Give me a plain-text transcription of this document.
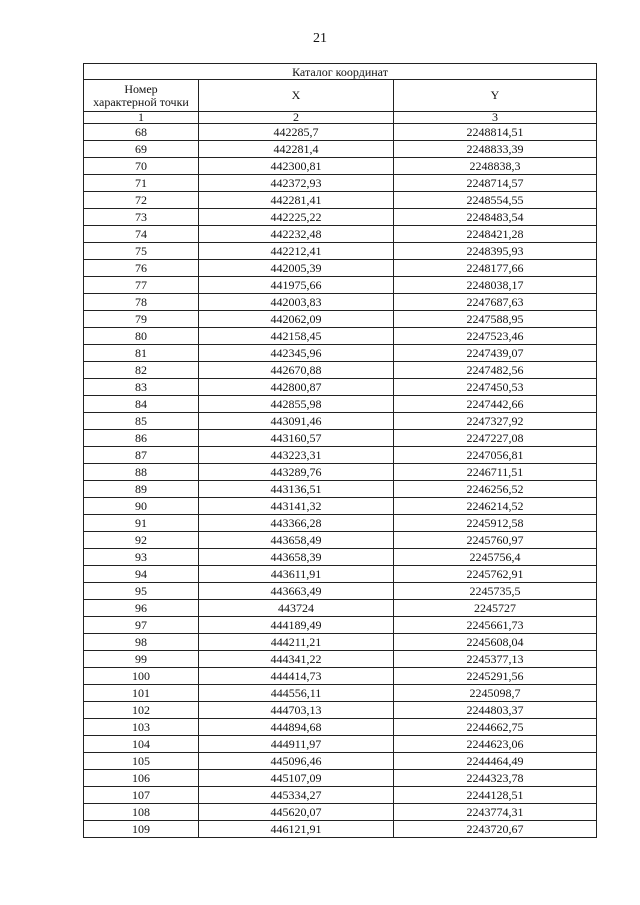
21
Каталог координат		

Номер
характерной точки	X	Y
1	2	3
68	442285,7	2248814,51
69	442281,4	2248833,39
70	442300,81	2248838,3
71	442372,93	2248714,57
72	442281,41	2248554,55
73	442225,22	2248483,54
74	442232,48	2248421,28
75	442212,41	2248395,93
76	442005,39	2248177,66
77	441975,66	2248038,17
78	442003,83	2247687,63
79	442062,09	2247588,95
80	442158,45	2247523,46
81	442345,96	2247439,07
82	442670,88	2247482,56
83	442800,87	2247450,53
84	442855,98	2247442,66
85	443091,46	2247327,92
86	443160,57	2247227,08
87	443223,31	2247056,81
88	443289,76	2246711,51
89	443136,51	2246256,52
90	443141,32	2246214,52
91	443366,28	2245912,58
92	443658,49	2245760,97
93	443658,39	2245756,4
94	443611,91	2245762,91
95	443663,49	2245735,5
96	443724	2245727
97	444189,49	2245661,73
98	444211,21	2245608,04
99	444341,22	2245377,13
100	444414,73	2245291,56
101	444556,11	2245098,7
102	444703,13	2244803,37
103	444894,68	2244662,75
104	444911,97	2244623,06
105	445096,46	2244464,49
106	445107,09	2244323,78
107	445334,27	2244128,51
108	445620,07	2243774,31
109	446121,91	2243720,67
